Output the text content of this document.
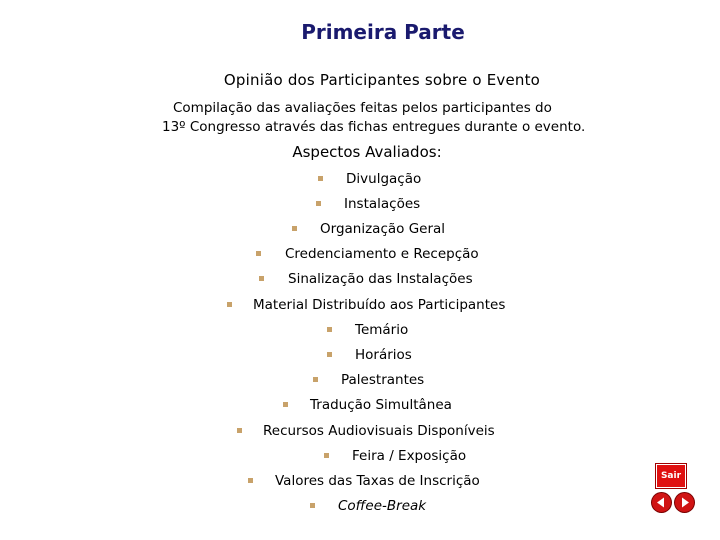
Primeira Parte
Opinião dos Participantes sobre o Evento
Compilação das avaliações feitas pelos participantes do
13º Congresso através das fichas entregues durante o evento.
Aspectos Avaliados:
Divulgação
Instalações
Organização Geral
Credenciamento e Recepção
Sinalização das Instalações
Material Distribuído aos Participantes
Temário
Horários
Palestrantes
Tradução Simultânea
Recursos Audiovisuais Disponíveis
Feira / Exposição
Valores das Taxas de Inscrição
Coffee-Break
Sair
